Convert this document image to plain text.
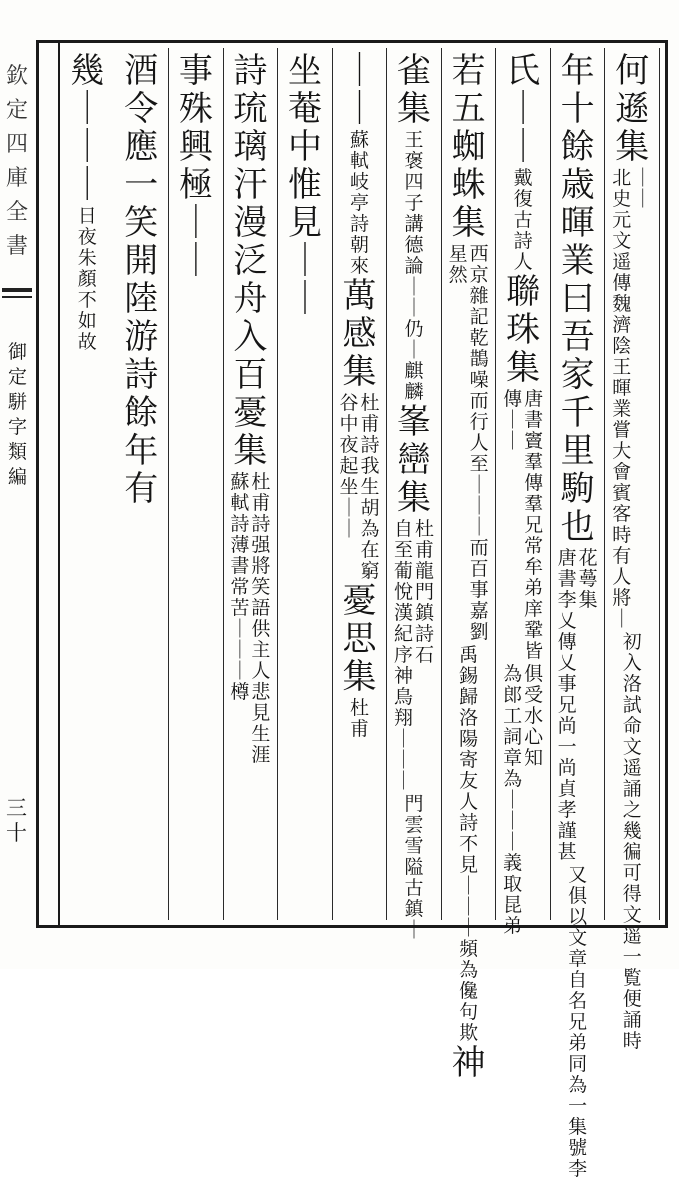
欽
定
四
庫
全
書
御
定
駢
字
類
編
三
十
何
遜
集
｜
｜
北
史
元
文
遥
傳
魏
濟
陰
王
暉
業
嘗
大
會
賓
客
時
有
人
將
｜
初
入
洛
試
命
文
遥
誦
之
幾
徧
可
得
文
遥
一
覧
便
誦
時
年
十
餘
歳
暉
業
曰
吾
家
千
里
駒
也
花
蕚
集
唐
書
李
乂
傳
乂
事
兄
尚
一
尚
貞
孝
謹
甚
又
俱
以
文
章
自
名
兄
弟
同
為
一
集
號
李
氏
｜
｜
戴
復
古
詩
人
聯
珠
集
唐
書
竇
羣
傳
羣
兄
常
牟
弟
庠
鞏
皆
傳
｜
｜
俱
受
水
心
知
為
郎
工
詞
章
為
｜
｜
｜
義
取
昆
弟
若
五
蜘
蛛
集
西
京
雜
記
乾
鵲
噪
而
行
人
至
｜
｜
｜
而
百
事
嘉
劉
星
然
禹
錫
歸
洛
陽
寄
友
人
詩
不
見
｜
｜
｜
頻
為
儳
句
欺
神
雀
集
王
褒
四
子
講
德
論
｜
｜
仍
｜
麒
麟
峯
巒
集
杜
甫
龍
門
鎮
詩
石
自
至
葡
悅
漢
紀
序
神
鳥
翔
｜
｜
｜
門
雲
雪
隘
古
鎮
｜
｜
｜
蘇
軾
岐
亭
詩
朝
來
萬
感
集
杜
甫
詩
我
生
胡
為
在
窮
谷
中
夜
起
坐
｜
｜
憂
思
集
杜
甫
坐
菴
中
惟
見
｜
｜
詩
琉
璃
汗
漫
泛
舟
入
百
憂
集
杜
甫
詩
强
將
笑
語
供
主
人
悲
見
生
涯
蘇
軾
詩
薄
書
常
苦
｜
｜
｜
樽
事
殊
興
極
｜
｜
酒
令
應
一
笑
開
陸
游
詩
餘
年
有
幾
｜
｜
｜
日
夜
朱
顏
不
如
故
